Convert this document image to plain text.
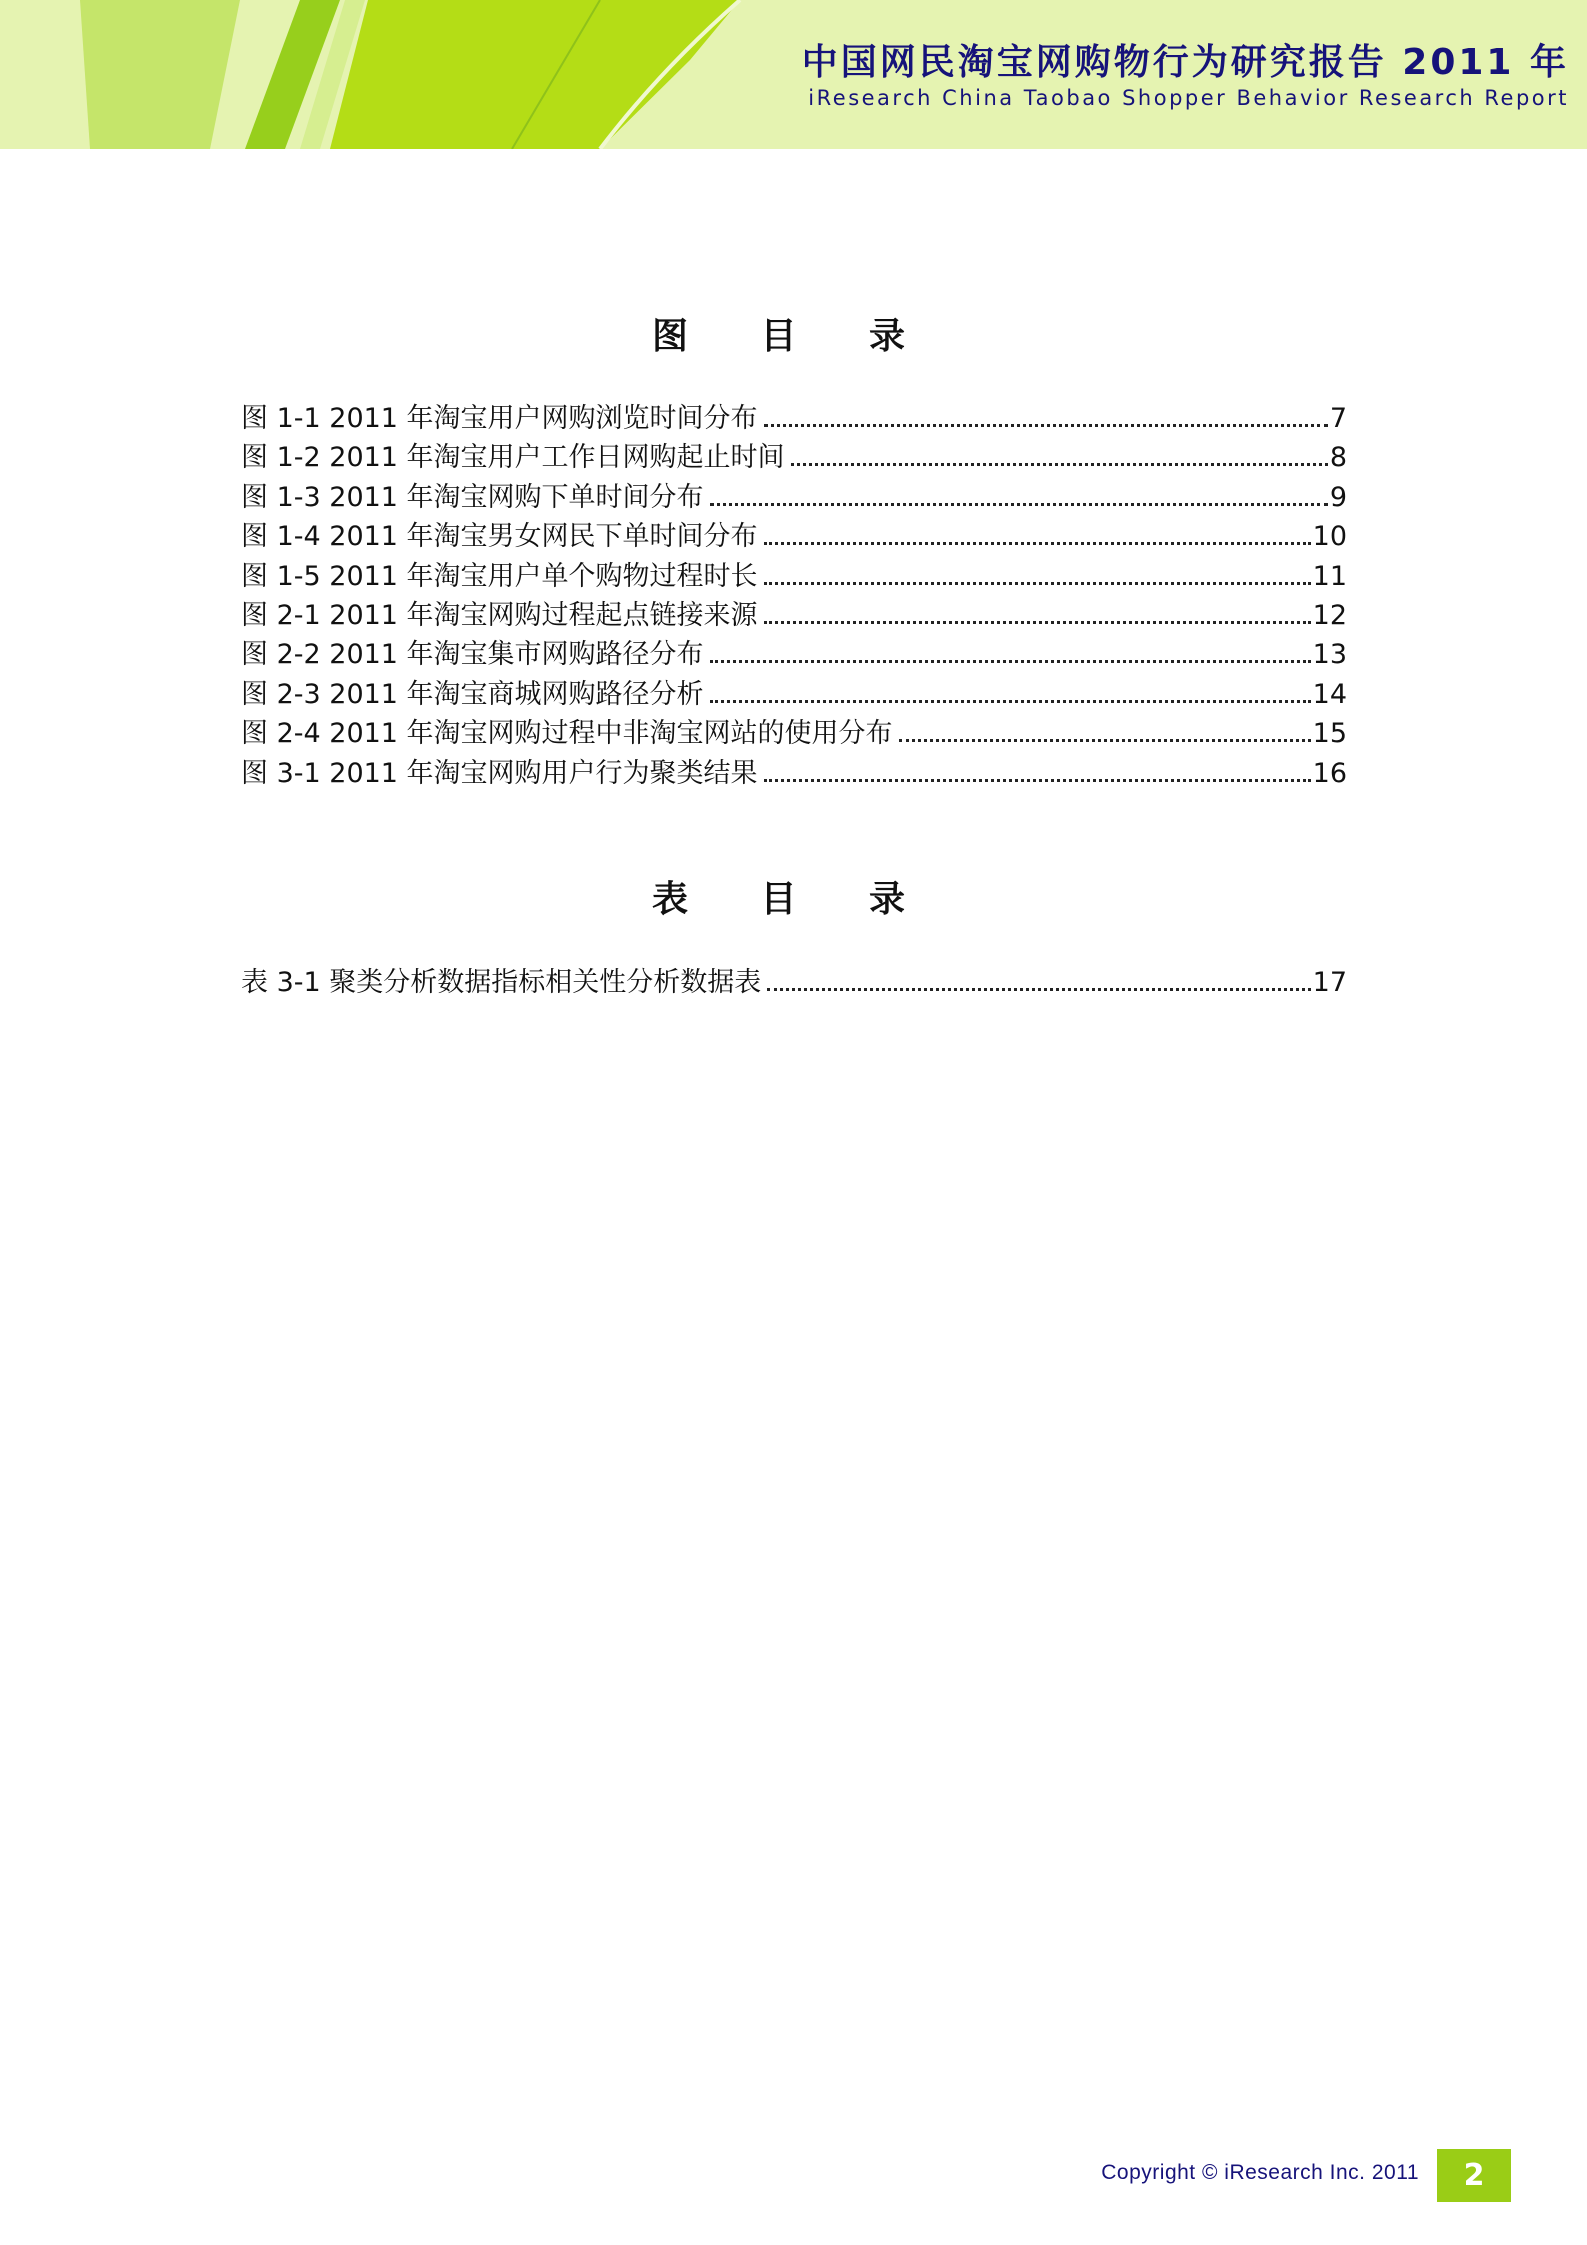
中国网民淘宝网购物行为研究报告 2011 年
iResearch China Taobao Shopper Behavior Research Report
图 目 录
图 1-1 2011 年淘宝用户网购浏览时间分布	7
图 1-2 2011 年淘宝用户工作日网购起止时间	8
图 1-3 2011 年淘宝网购下单时间分布	9
图 1-4 2011 年淘宝男女网民下单时间分布	10
图 1-5 2011 年淘宝用户单个购物过程时长	11
图 2-1 2011 年淘宝网购过程起点链接来源	12
图 2-2 2011 年淘宝集市网购路径分布	13
图 2-3 2011 年淘宝商城网购路径分析	14
图 2-4 2011 年淘宝网购过程中非淘宝网站的使用分布	15
图 3-1 2011 年淘宝网购用户行为聚类结果	16
表 目 录
表 3-1 聚类分析数据指标相关性分析数据表	17
Copyright © iResearch Inc. 2011	2
